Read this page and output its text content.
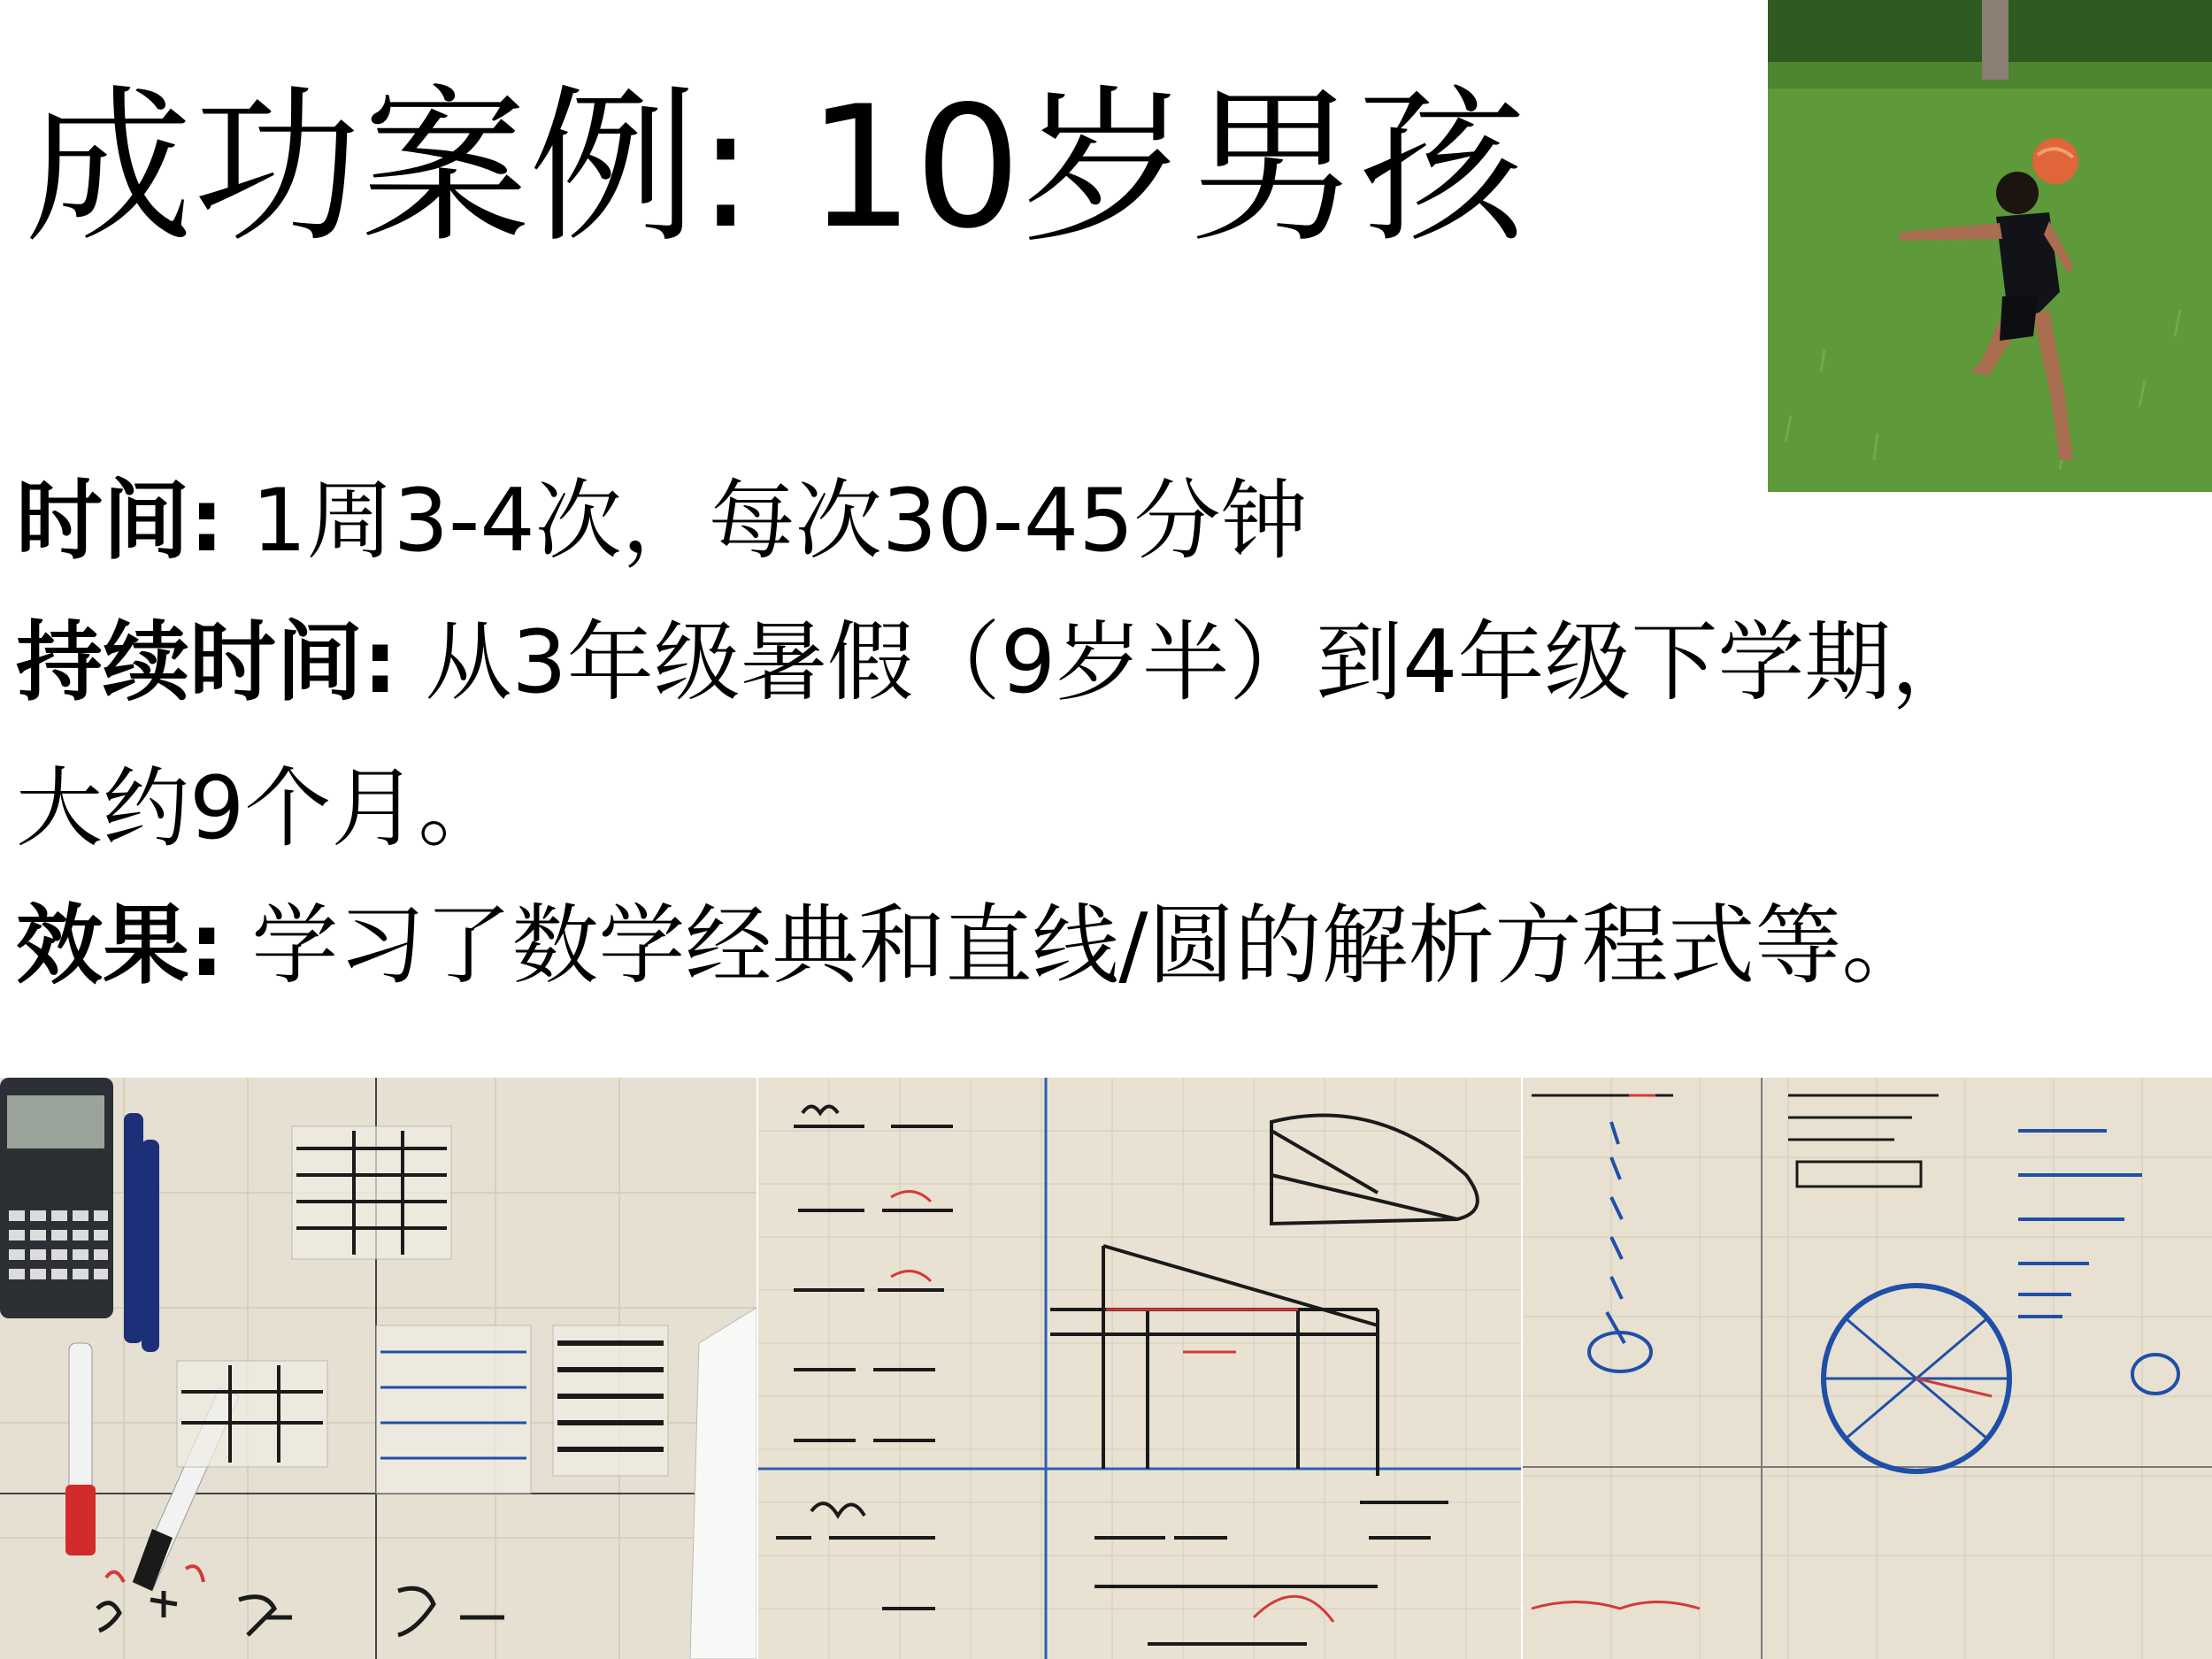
成功案例: 10岁男孩
时间: 1周3-4次，每次30-45分钟
持续时间: 从3年级暑假（9岁半）到4年级下学期，
大约9个月。
效果: 学习了数学经典和直线/圆的解析方程式等。
